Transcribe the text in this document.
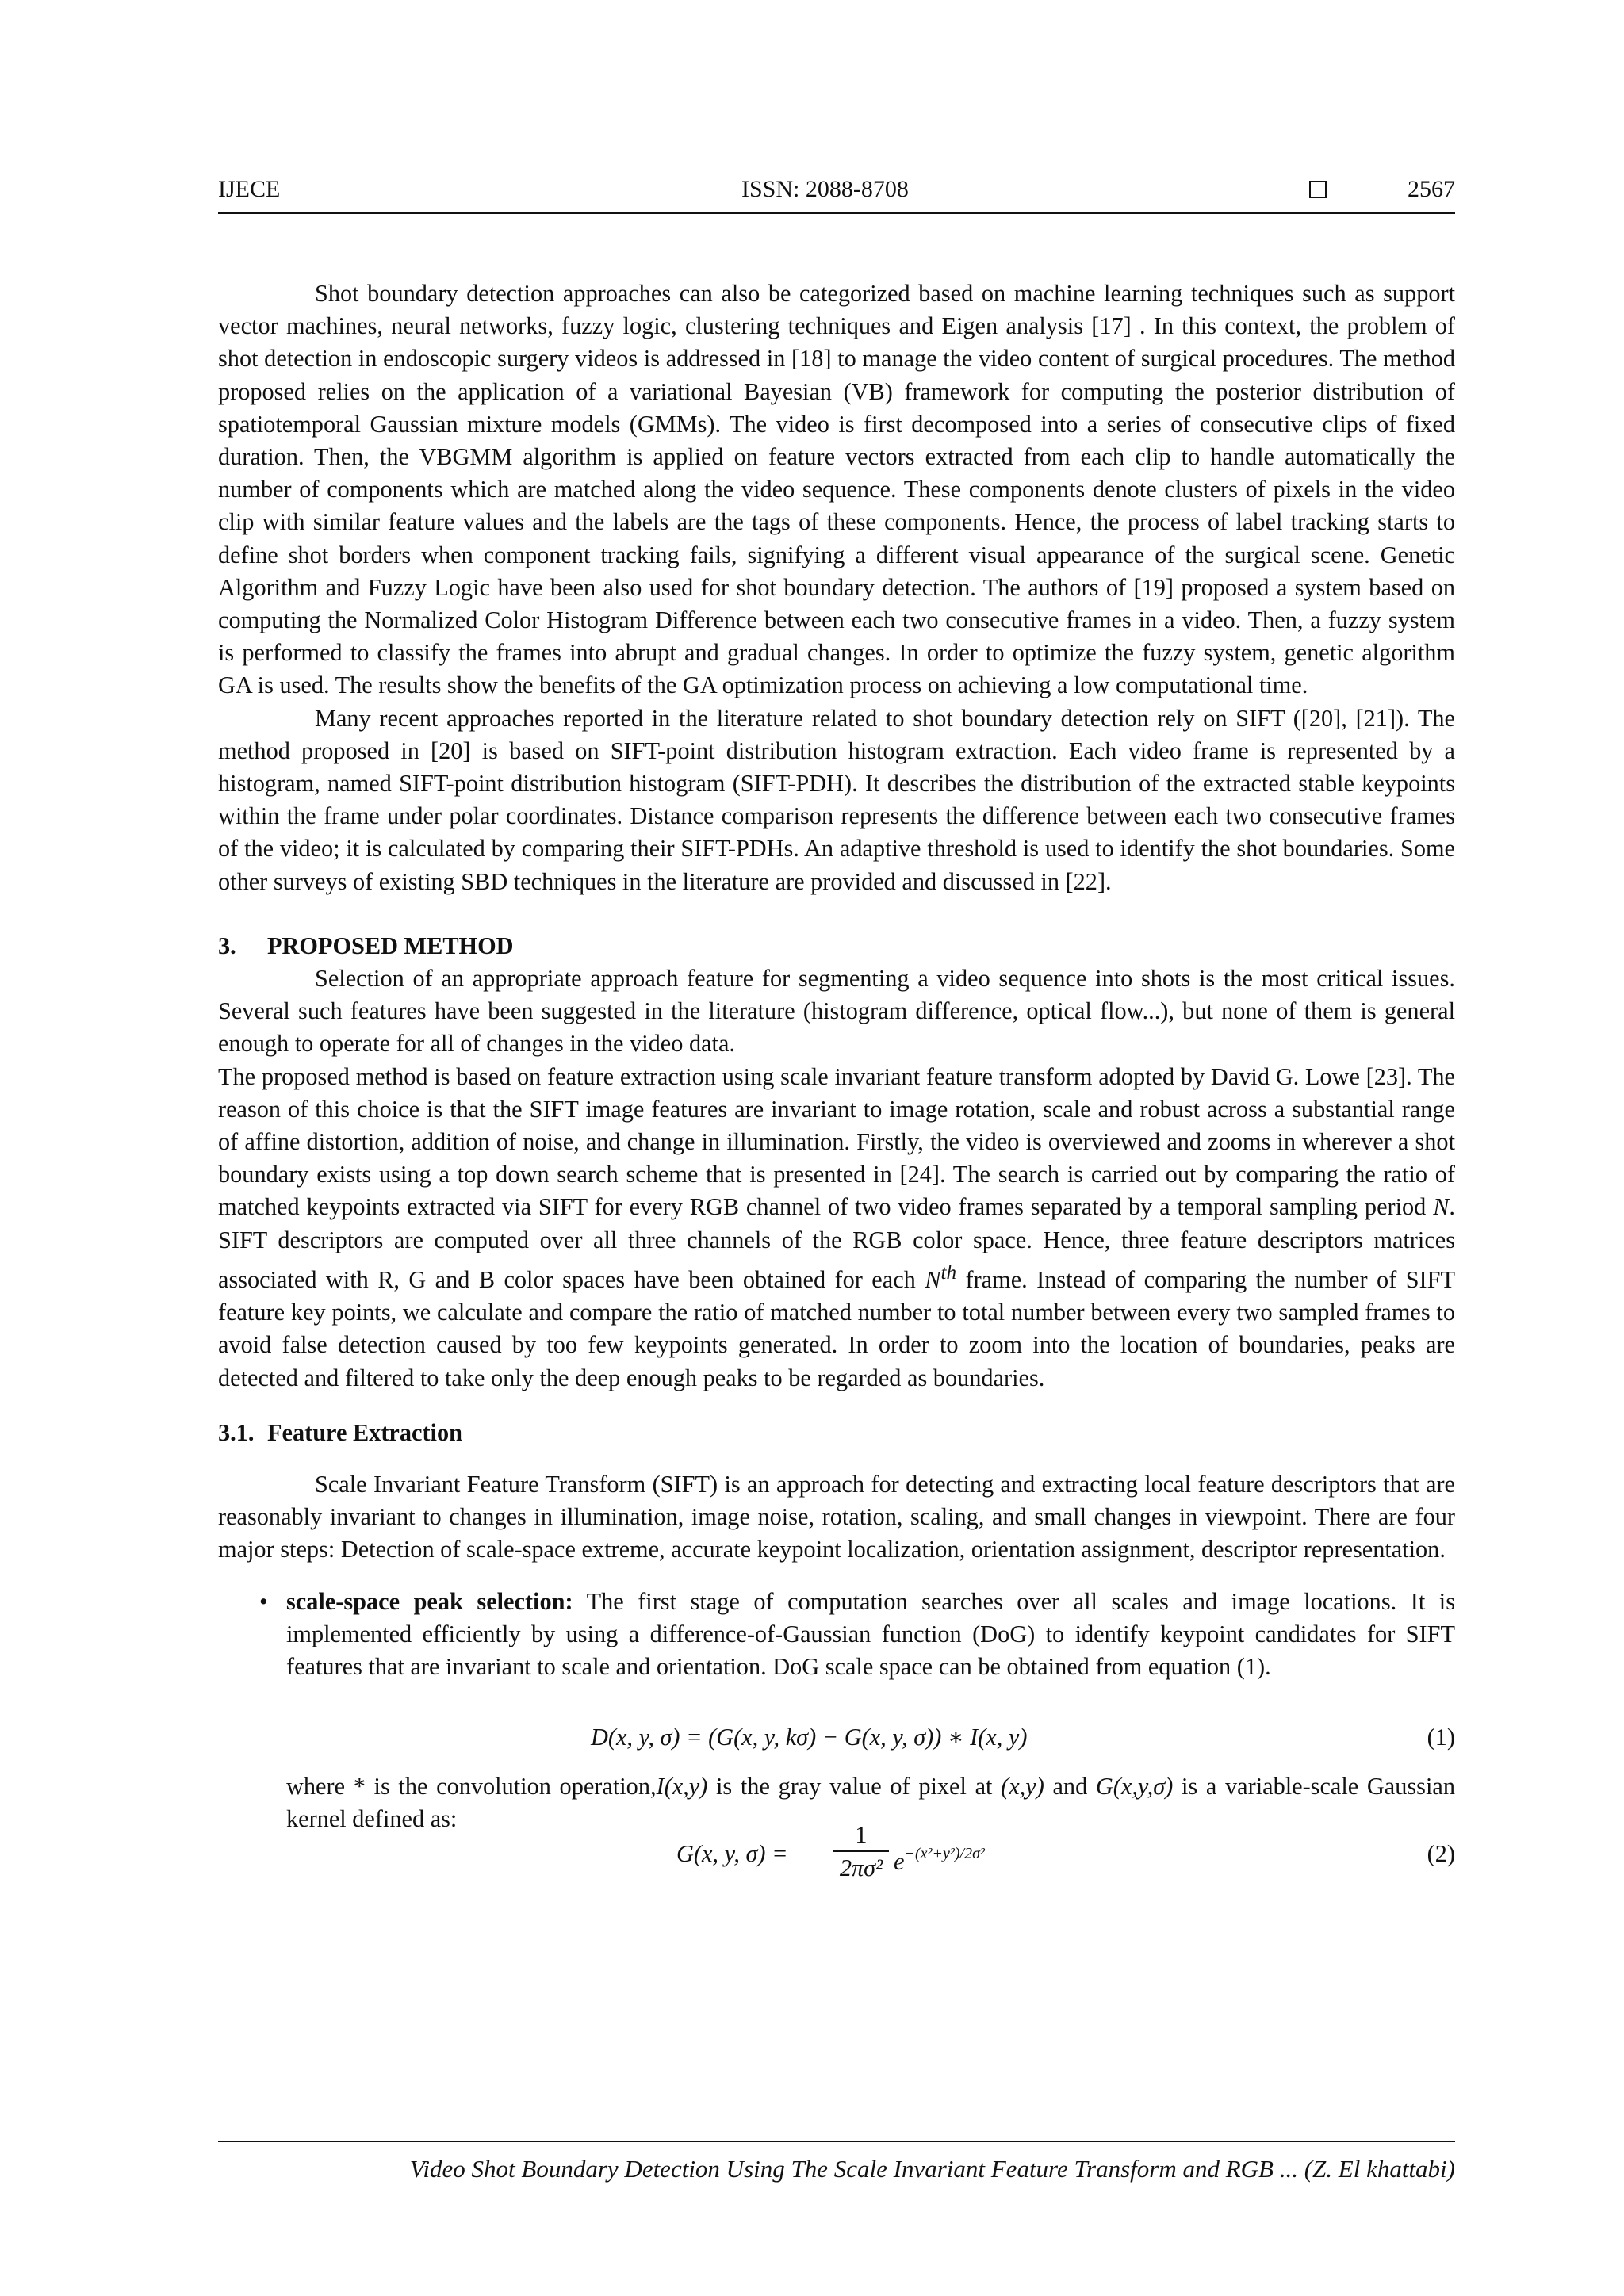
IJECE	ISSN: 2088-8708	2567

Shot boundary detection approaches can also be categorized based on machine learning techniques such as support vector machines, neural networks, fuzzy logic, clustering techniques and Eigen analysis [17] . In this context, the problem of shot detection in endoscopic surgery videos is addressed in [18] to manage the video content of surgical procedures. The method proposed relies on the application of a variational Bayesian (VB) framework for computing the posterior distribution of spatiotemporal Gaussian mixture models (GMMs). The video is first decomposed into a series of consecutive clips of fixed duration. Then, the VBGMM algorithm is applied on feature vectors extracted from each clip to handle automatically the number of components which are matched along the video sequence. These components denote clusters of pixels in the video clip with similar feature values and the labels are the tags of these components. Hence, the process of label tracking starts to define shot borders when component tracking fails, signifying a different visual appearance of the surgical scene. Genetic Algorithm and Fuzzy Logic have been also used for shot boundary detection. The authors of [19] proposed a system based on computing the Normalized Color Histogram Difference between each two consecutive frames in a video. Then, a fuzzy system is performed to classify the frames into abrupt and gradual changes. In order to optimize the fuzzy system, genetic algorithm GA is used. The results show the benefits of the GA optimization process on achieving a low computational time.

Many recent approaches reported in the literature related to shot boundary detection rely on SIFT ([20], [21]). The method proposed in [20] is based on SIFT-point distribution histogram extraction. Each video frame is represented by a histogram, named SIFT-point distribution histogram (SIFT-PDH). It describes the distribution of the extracted stable keypoints within the frame under polar coordinates. Distance comparison represents the difference between each two consecutive frames of the video; it is calculated by comparing their SIFT-PDHs. An adaptive threshold is used to identify the shot boundaries. Some other surveys of existing SBD techniques in the literature are provided and discussed in [22].

3. PROPOSED METHOD

Selection of an appropriate approach feature for segmenting a video sequence into shots is the most critical issues. Several such features have been suggested in the literature (histogram difference, optical flow...), but none of them is general enough to operate for all of changes in the video data.

The proposed method is based on feature extraction using scale invariant feature transform adopted by David G. Lowe [23]. The reason of this choice is that the SIFT image features are invariant to image rotation, scale and robust across a substantial range of affine distortion, addition of noise, and change in illumination. Firstly, the video is overviewed and zooms in wherever a shot boundary exists using a top down search scheme that is presented in [24]. The search is carried out by comparing the ratio of matched keypoints extracted via SIFT for every RGB channel of two video frames separated by a temporal sampling period N. SIFT descriptors are computed over all three channels of the RGB color space. Hence, three feature descriptors matrices associated with R, G and B color spaces have been obtained for each $N^{th}$ frame. Instead of comparing the number of SIFT feature key points, we calculate and compare the ratio of matched number to total number between every two sampled frames to avoid false detection caused by too few keypoints generated. In order to zoom into the location of boundaries, peaks are detected and filtered to take only the deep enough peaks to be regarded as boundaries.

3.1. Feature Extraction

Scale Invariant Feature Transform (SIFT) is an approach for detecting and extracting local feature descriptors that are reasonably invariant to changes in illumination, image noise, rotation, scaling, and small changes in viewpoint. There are four major steps: Detection of scale-space extreme, accurate keypoint localization, orientation assignment, descriptor representation.

• scale-space peak selection: The first stage of computation searches over all scales and image locations. It is implemented efficiently by using a difference-of-Gaussian function (DoG) to identify keypoint candidates for SIFT features that are invariant to scale and orientation. DoG scale space can be obtained from equation (1).

D(x, y, σ) = (G(x, y, kσ) − G(x, y, σ)) ∗ I(x, y)	(1)
where * is the convolution operation,I(x,y) is the gray value of pixel at (x,y) and G(x,y,σ) is a variable-scale Gaussian kernel defined as:
G(x, y, $\sigma) = \frac{1}{\text{2πσ²}} e^{-(x^2+y^2)/2\sigma^2}$	(2)
Video Shot Boundary Detection Using The Scale Invariant Feature Transform and RGB ... (Z. El khattabi)
